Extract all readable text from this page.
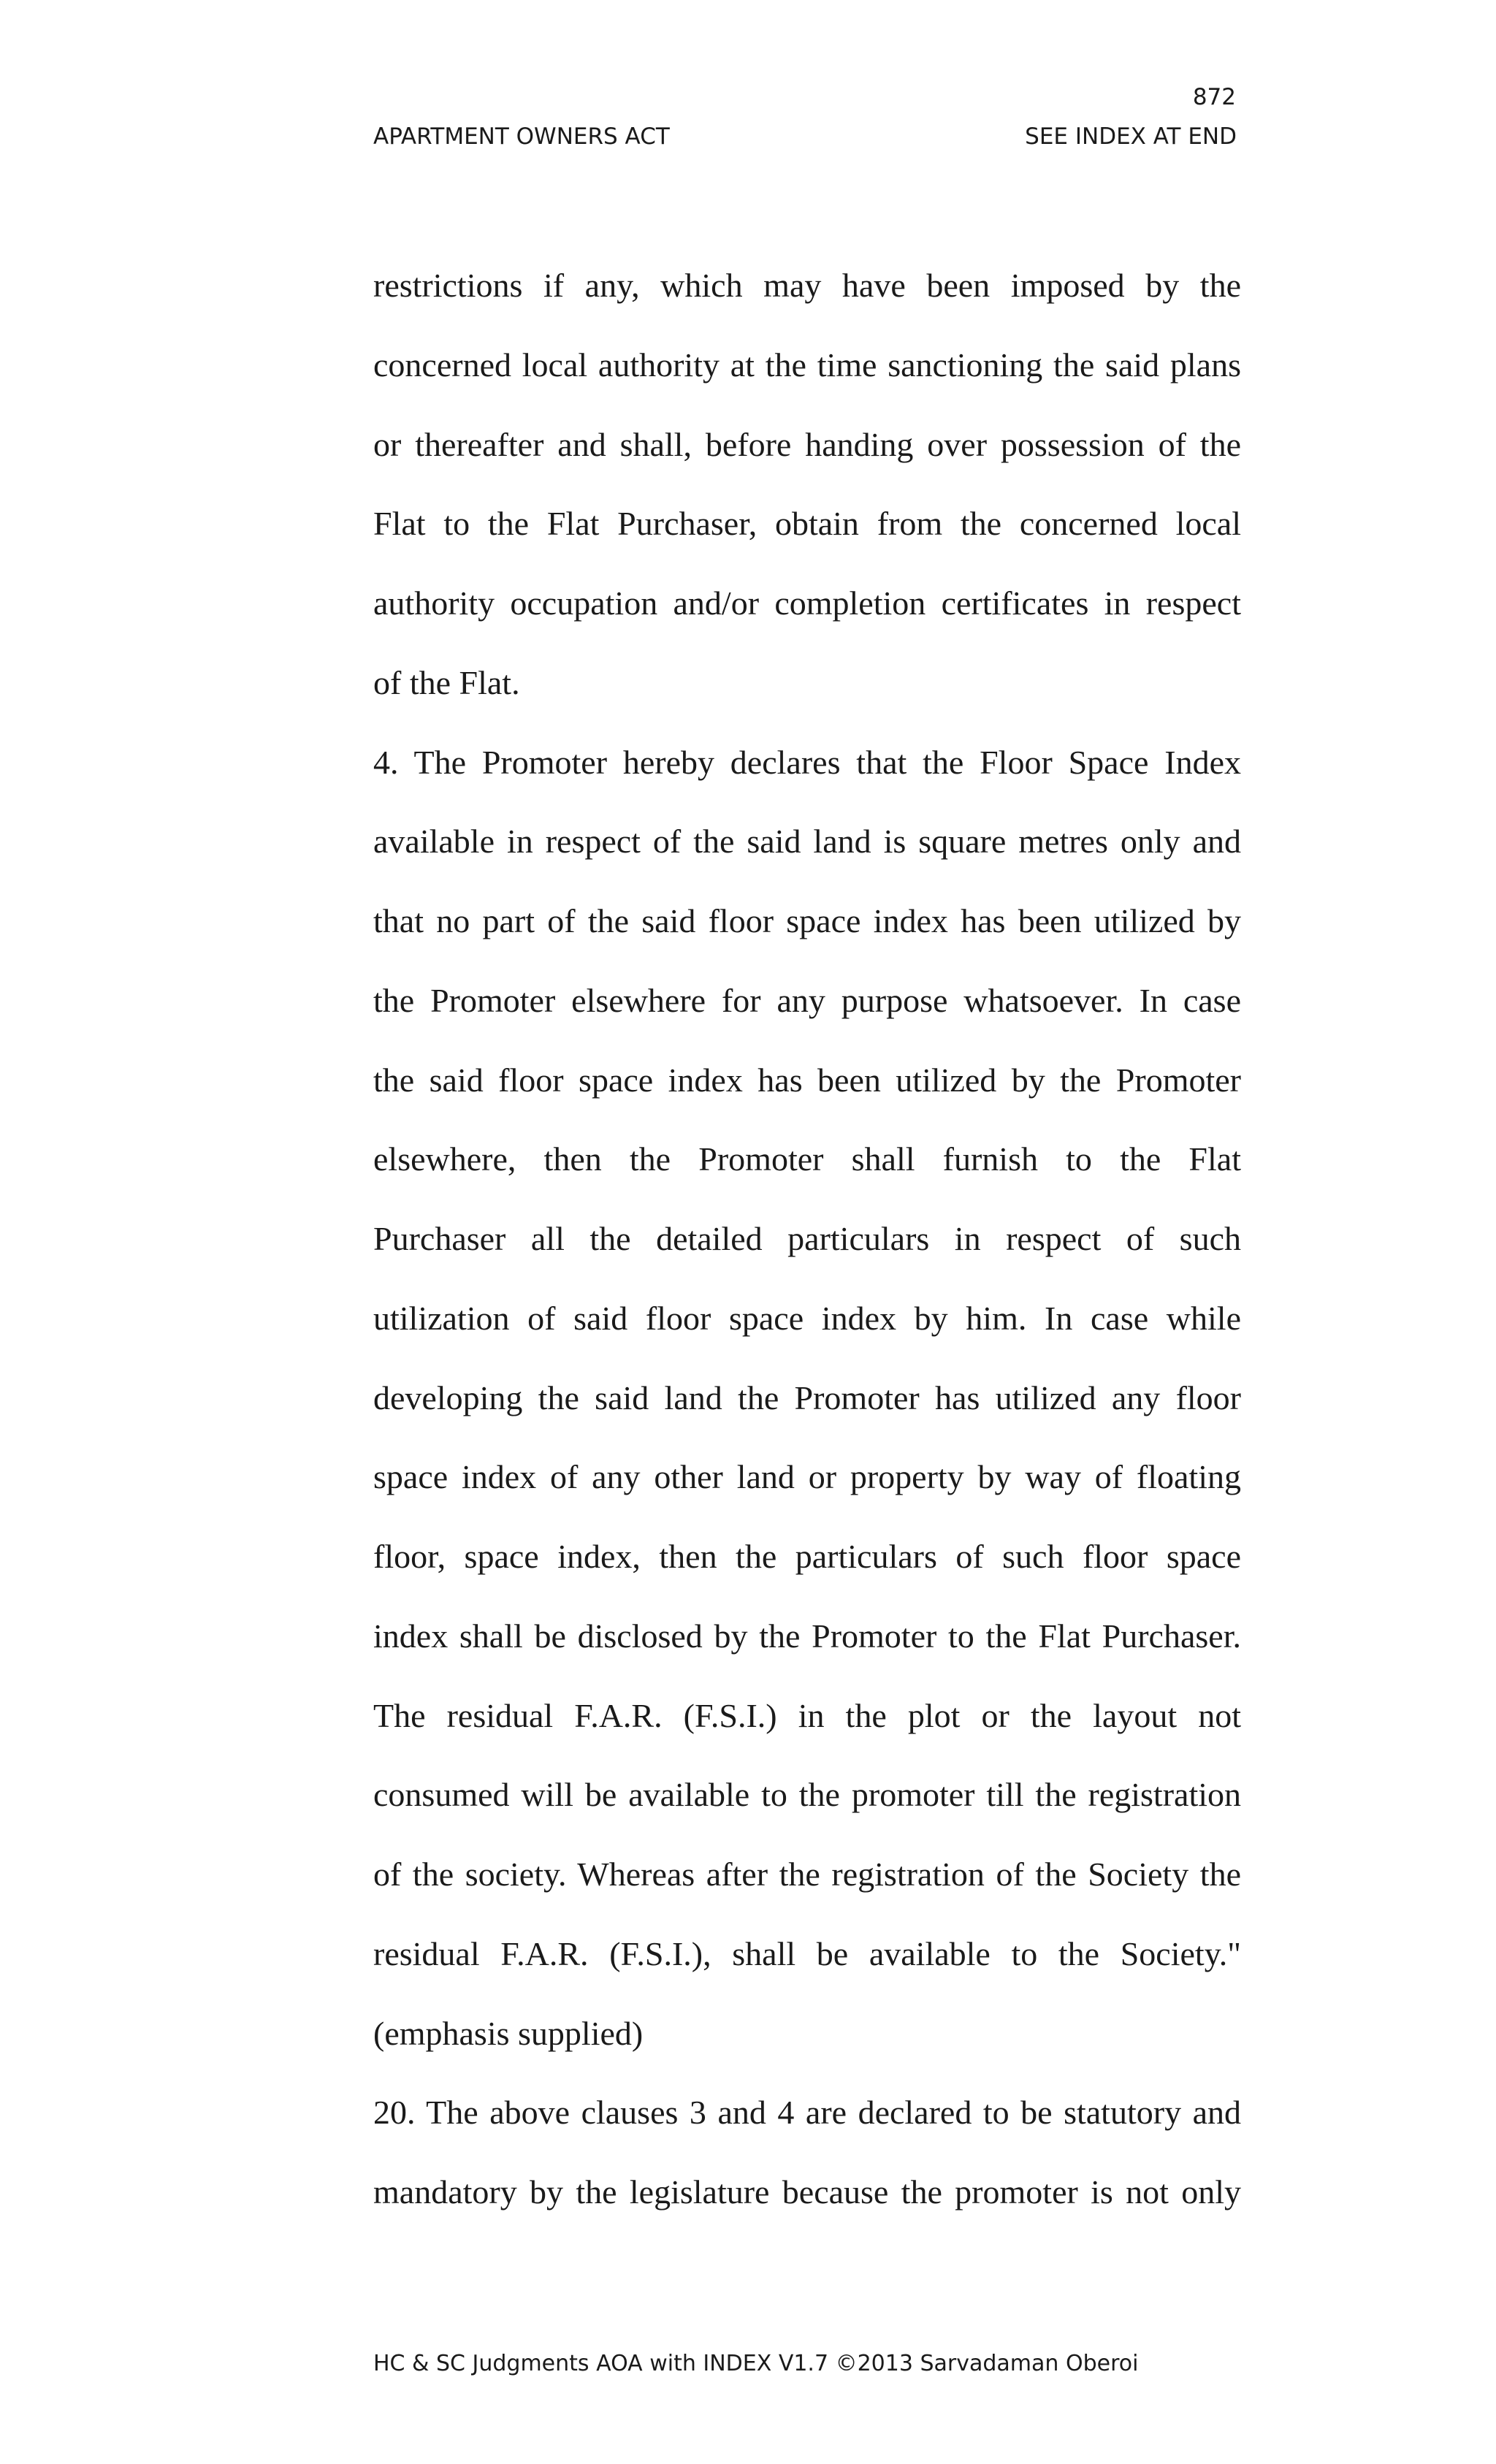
872
APARTMENT OWNERS ACT	SEE INDEX AT END
restrictions if any, which may have been imposed by the
concerned local authority at the time sanctioning the said plans
or thereafter and shall, before handing over possession of the
Flat to the Flat Purchaser, obtain from the concerned local
authority occupation and/or completion certificates in respect
of the Flat.
4. The Promoter hereby declares that the Floor Space Index
available in respect of the said land is square metres only and
that no part of the said floor space index has been utilized by
the Promoter elsewhere for any purpose whatsoever. In case
the said floor space index has been utilized by the Promoter
elsewhere, then the Promoter shall furnish to the Flat
Purchaser all the detailed particulars in respect of such
utilization of said floor space index by him. In case while
developing the said land the Promoter has utilized any floor
space index of any other land or property by way of floating
floor, space index, then the particulars of such floor space
index shall be disclosed by the Promoter to the Flat Purchaser.
The residual F.A.R. (F.S.I.) in the plot or the layout not
consumed will be available to the promoter till the registration
of the society. Whereas after the registration of the Society the
residual F.A.R. (F.S.I.), shall be available to the Society."
(emphasis supplied)
20. The above clauses 3 and 4 are declared to be statutory and
mandatory by the legislature because the promoter is not only
HC & SC Judgments AOA with INDEX V1.7 ©2013 Sarvadaman Oberoi
